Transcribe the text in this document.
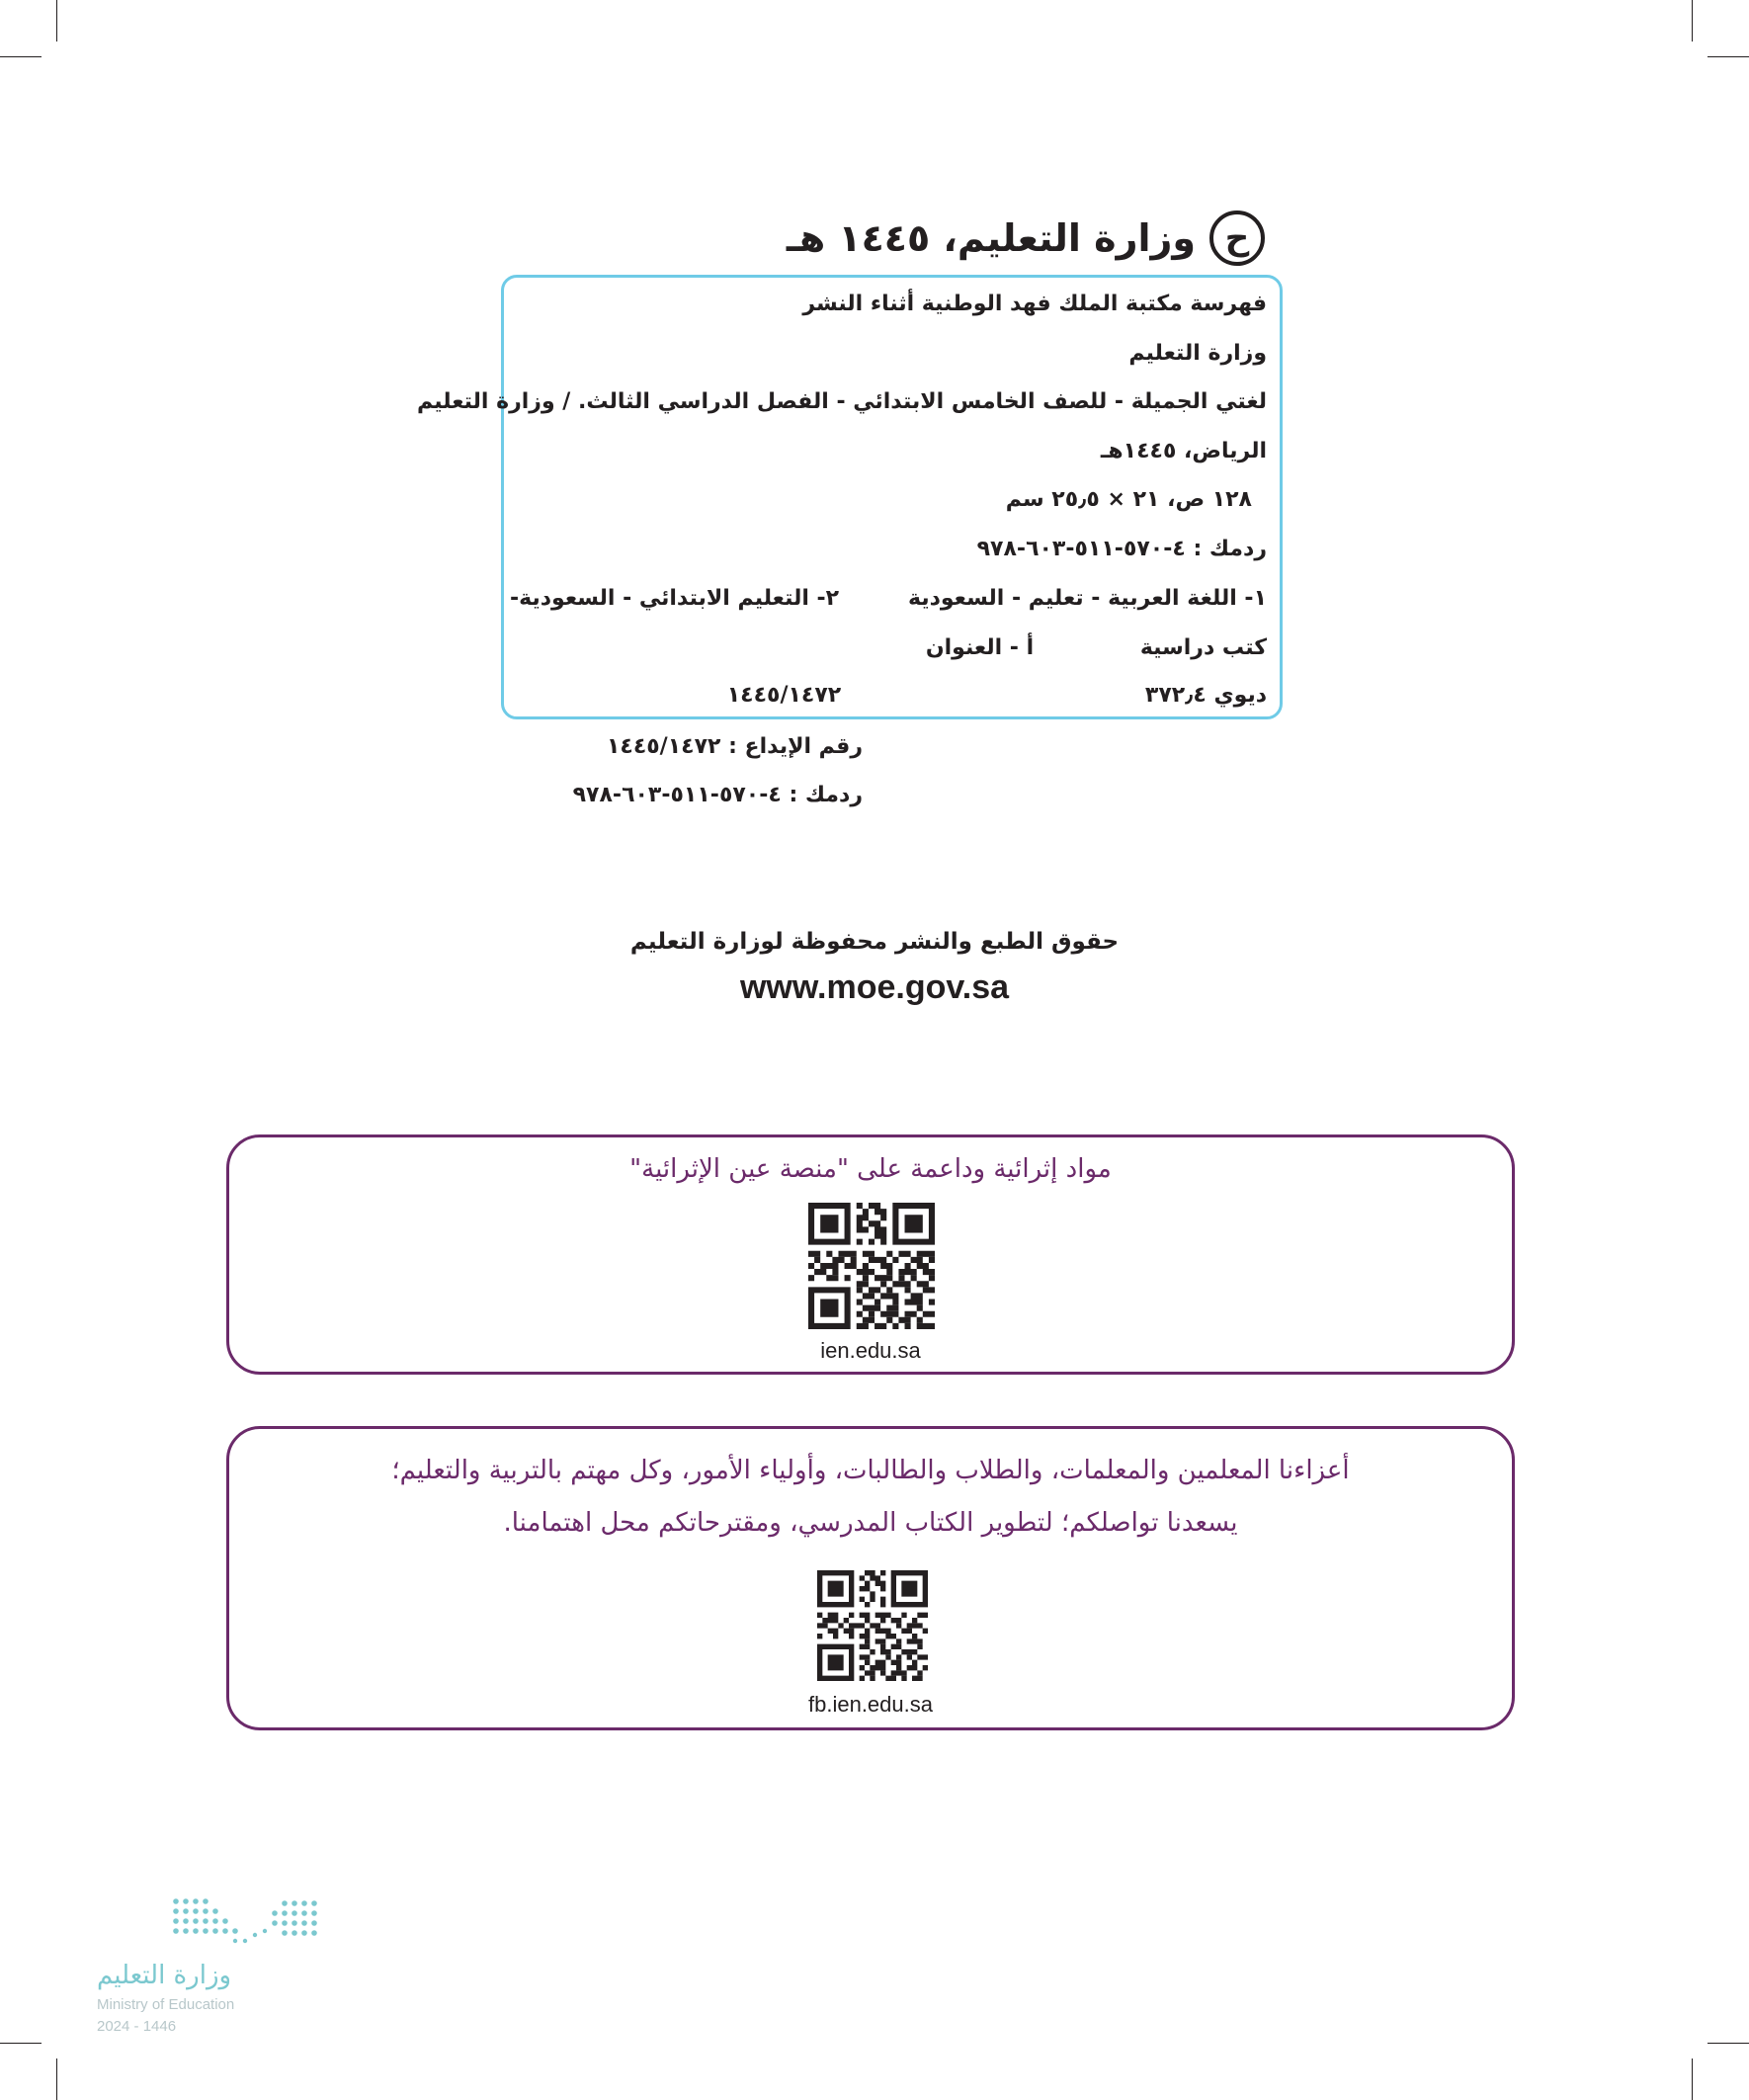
ح
وزارة التعليم، ١٤٤٥ هـ
فهرسة مكتبة الملك فهد الوطنية أثناء النشر
وزارة التعليم
لغتي الجميلة - للصف الخامس الابتدائي - الفصل الدراسي الثالث. / وزارة التعليم
الرياض، ١٤٤٥هـ
١٢٨ ص، ٢١ × ٢٥٫٥ سم
ردمك : ٤-٥٧٠-٥١١-٦٠٣-٩٧٨
١- اللغة العربية - تعليم - السعودية
٢- التعليم الابتدائي - السعودية-
كتب دراسية أ - العنوان
ديوي ٣٧٢٫٤ ١٤٤٥/١٤٧٢
رقم الإيداع : ١٤٤٥/١٤٧٢
ردمك : ٤-٥٧٠-٥١١-٦٠٣-٩٧٨
حقوق الطبع والنشر محفوظة لوزارة التعليم
www.moe.gov.sa
مواد إثرائية وداعمة على "منصة عين الإثرائية"
ien.edu.sa
أعزاءنا المعلمين والمعلمات، والطلاب والطالبات، وأولياء الأمور، وكل مهتم بالتربية والتعليم؛
يسعدنا تواصلكم؛ لتطوير الكتاب المدرسي، ومقترحاتكم محل اهتمامنا.
fb.ien.edu.sa
وزارة التعليم
Ministry of Education
2024 - 1446
